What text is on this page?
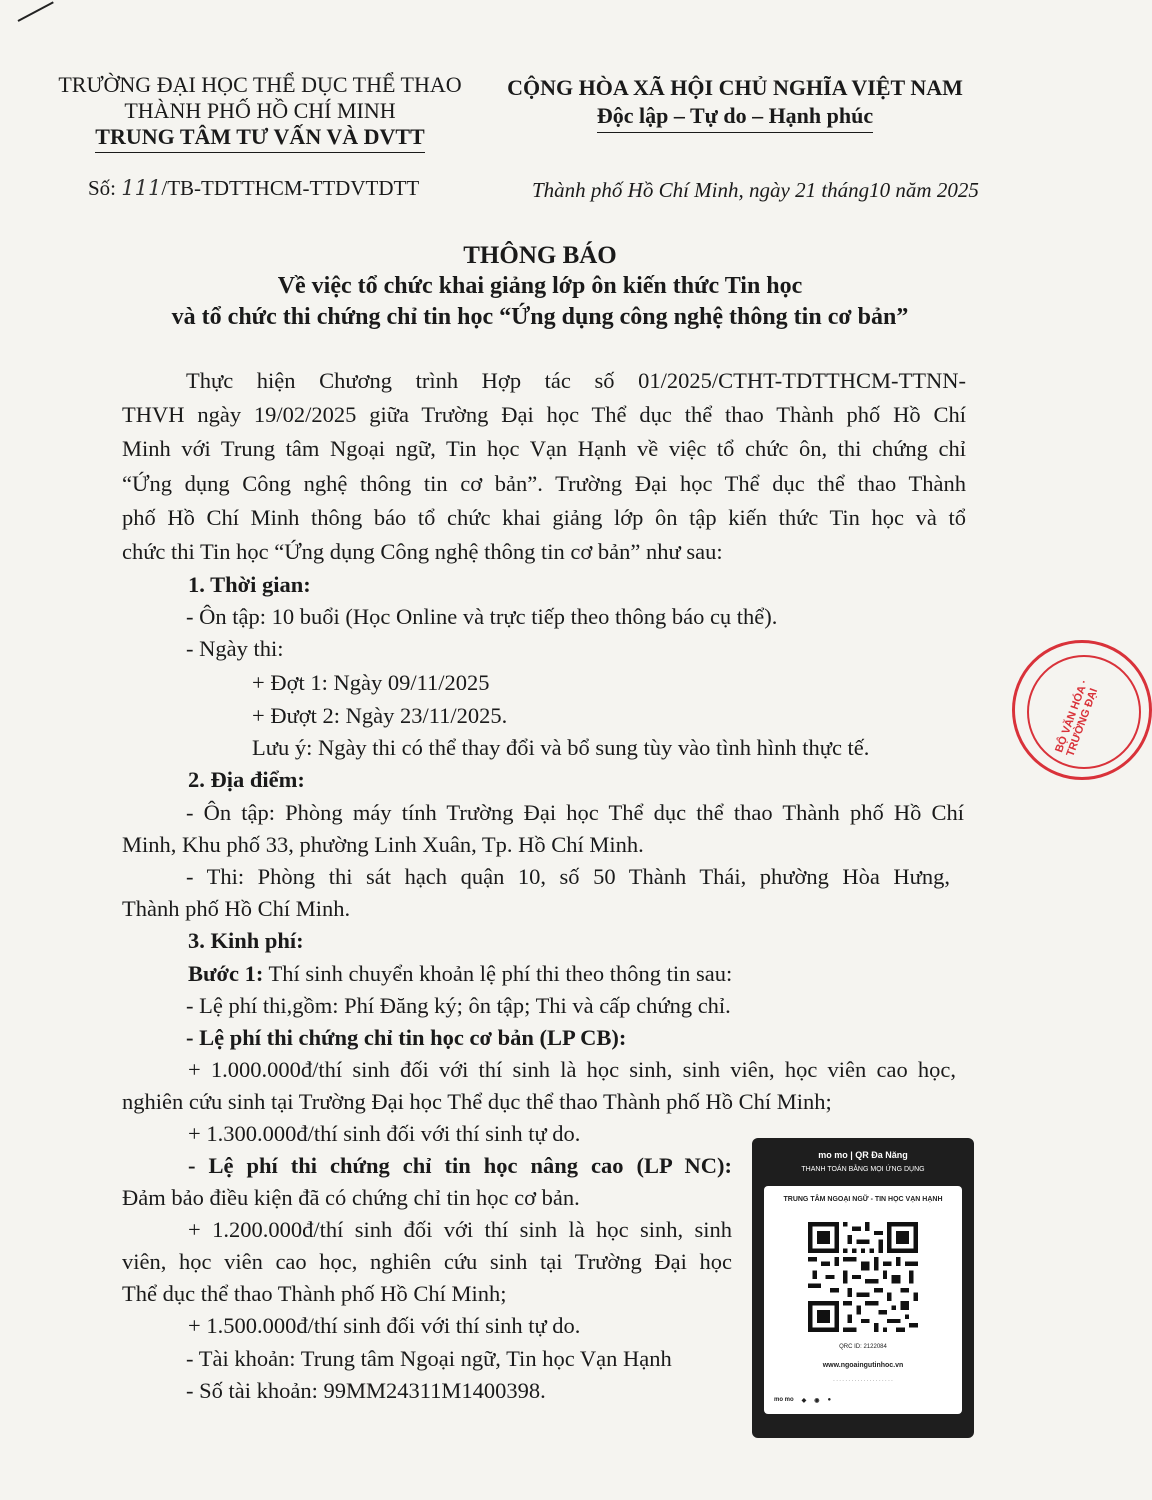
TRƯỜNG ĐẠI HỌC THỂ DỤC THỂ THAO
THÀNH PHỐ HỒ CHÍ MINH
TRUNG TÂM TƯ VẤN VÀ DVTT
CỘNG HÒA XÃ HỘI CHỦ NGHĨA VIỆT NAM
Độc lập – Tự do – Hạnh phúc
Số: 111/TB-TDTTHCM-TTDVTDTT	Thành phố Hồ Chí Minh, ngày 21 tháng10 năm 2025
THÔNG BÁO
Về việc tổ chức khai giảng lớp ôn kiến thức Tin học
và tổ chức thi chứng chỉ tin học “Ứng dụng công nghệ thông tin cơ bản”
Thực hiện Chương trình Hợp tác số 01/2025/CTHT-TDTTHCM-TTNN-
THVH ngày 19/02/2025 giữa Trường Đại học Thể dục thể thao Thành phố Hồ Chí
Minh với Trung tâm Ngoại ngữ, Tin học Vạn Hạnh về việc tổ chức ôn, thi chứng chỉ
“Ứng dụng Công nghệ thông tin cơ bản”. Trường Đại học Thể dục thể thao Thành
phố Hồ Chí Minh thông báo tổ chức khai giảng lớp ôn tập kiến thức Tin học và tổ
chức thi Tin học “Ứng dụng Công nghệ thông tin cơ bản” như sau:
1. Thời gian:
- Ôn tập: 10 buổi (Học Online và trực tiếp theo thông báo cụ thể).
- Ngày thi:
+ Đợt 1: Ngày 09/11/2025
+ Đượt 2: Ngày 23/11/2025.
Lưu ý: Ngày thi có thể thay đổi và bổ sung tùy vào tình hình thực tế.
2. Địa điểm:
- Ôn tập: Phòng máy tính Trường Đại học Thể dục thể thao Thành phố Hồ Chí
Minh, Khu phố 33, phường Linh Xuân, Tp. Hồ Chí Minh.
- Thi: Phòng thi sát hạch quận 10, số 50 Thành Thái, phường Hòa Hưng,
Thành phố Hồ Chí Minh.
3. Kinh phí:
Bước 1: Thí sinh chuyển khoản lệ phí thi theo thông tin sau:
- Lệ phí thi,gồm: Phí Đăng ký; ôn tập; Thi và cấp chứng chỉ.
- Lệ phí thi chứng chỉ tin học cơ bản (LP CB):
+ 1.000.000đ/thí sinh đối với thí sinh là học sinh, sinh viên, học viên cao học,
nghiên cứu sinh tại Trường Đại học Thể dục thể thao Thành phố Hồ Chí Minh;
+ 1.300.000đ/thí sinh đối với thí sinh tự do.
- Lệ phí thi chứng chỉ tin học nâng cao (LP NC):
Đảm bảo điều kiện đã có chứng chỉ tin học cơ bản.
+ 1.200.000đ/thí sinh đối với thí sinh là học sinh, sinh
viên, học viên cao học, nghiên cứu sinh tại Trường Đại học
Thể dục thể thao Thành phố Hồ Chí Minh;
+ 1.500.000đ/thí sinh đối với thí sinh tự do.
- Tài khoản: Trung tâm Ngoại ngữ, Tin học Vạn Hạnh
- Số tài khoản: 99MM24311M1400398.
BỘ VĂN HÓA · TRƯỜNG ĐẠI
mo mo | QR Đa Năng
THANH TOÁN BẰNG MỌI ỨNG DỤNG
TRUNG TÂM NGOẠI NGỮ - TIN HỌC VẠN HẠNH
QRC ID: 2122084
www.ngoaingutinhoc.vn
· · · · · · · · · · · · · · · · · · · ·
mo mo ◆ ◉ ●
